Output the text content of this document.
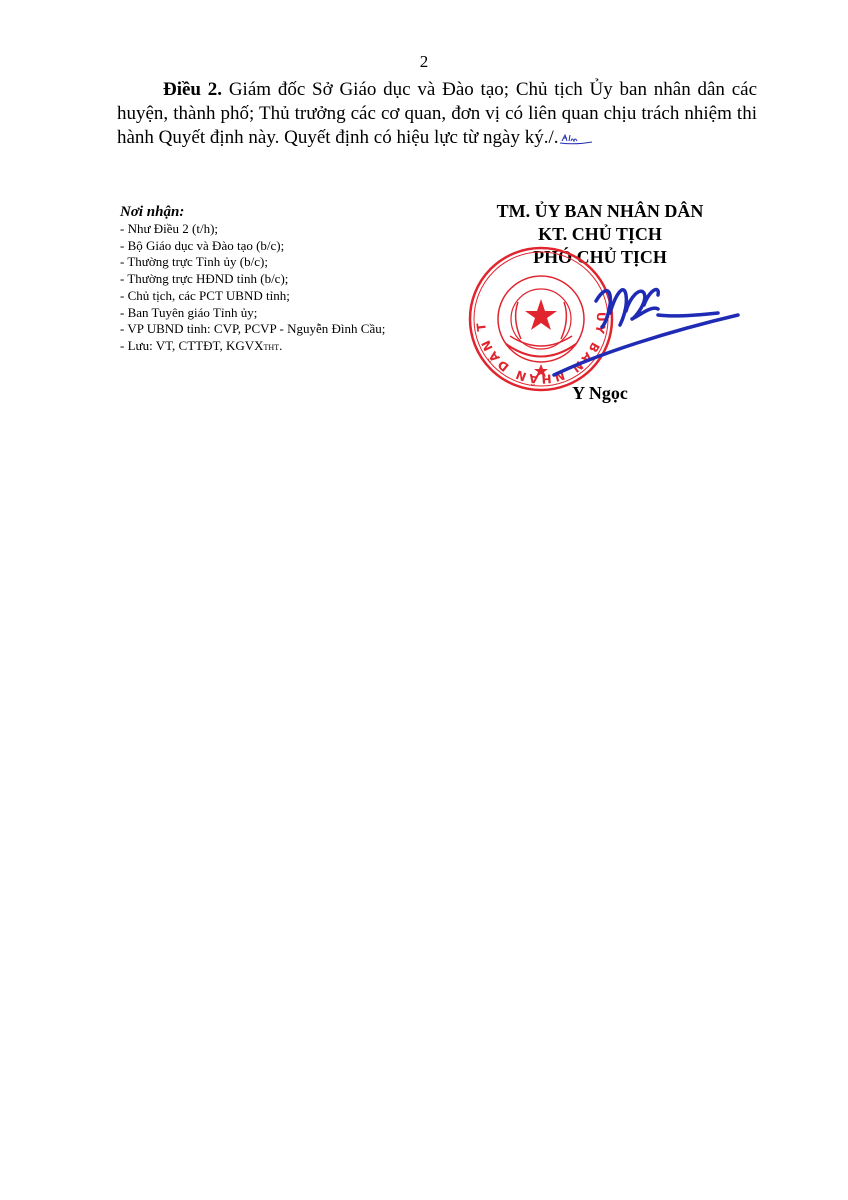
2
Điều 2. Giám đốc Sở Giáo dục và Đào tạo; Chủ tịch Ủy ban nhân dân các huyện, thành phố; Thủ trưởng các cơ quan, đơn vị có liên quan chịu trách nhiệm thi hành Quyết định này. Quyết định có hiệu lực từ ngày ký./.
Nơi nhận:
- Như Điều 2 (t/h);
- Bộ Giáo dục và Đào tạo (b/c);
- Thường trực Tỉnh ủy (b/c);
- Thường trực HĐND tỉnh (b/c);
- Chủ tịch, các PCT UBND tỉnh;
- Ban Tuyên giáo Tỉnh ủy;
- VP UBND tỉnh: CVP, PCVP - Nguyễn Đình Cầu;
- Lưu: VT, CTTĐT, KGVXTHT.
TM. ỦY BAN NHÂN DÂN
KT. CHỦ TỊCH
PHÓ CHỦ TỊCH
ỦY BAN NHÂN DÂN T
Y Ngọc
